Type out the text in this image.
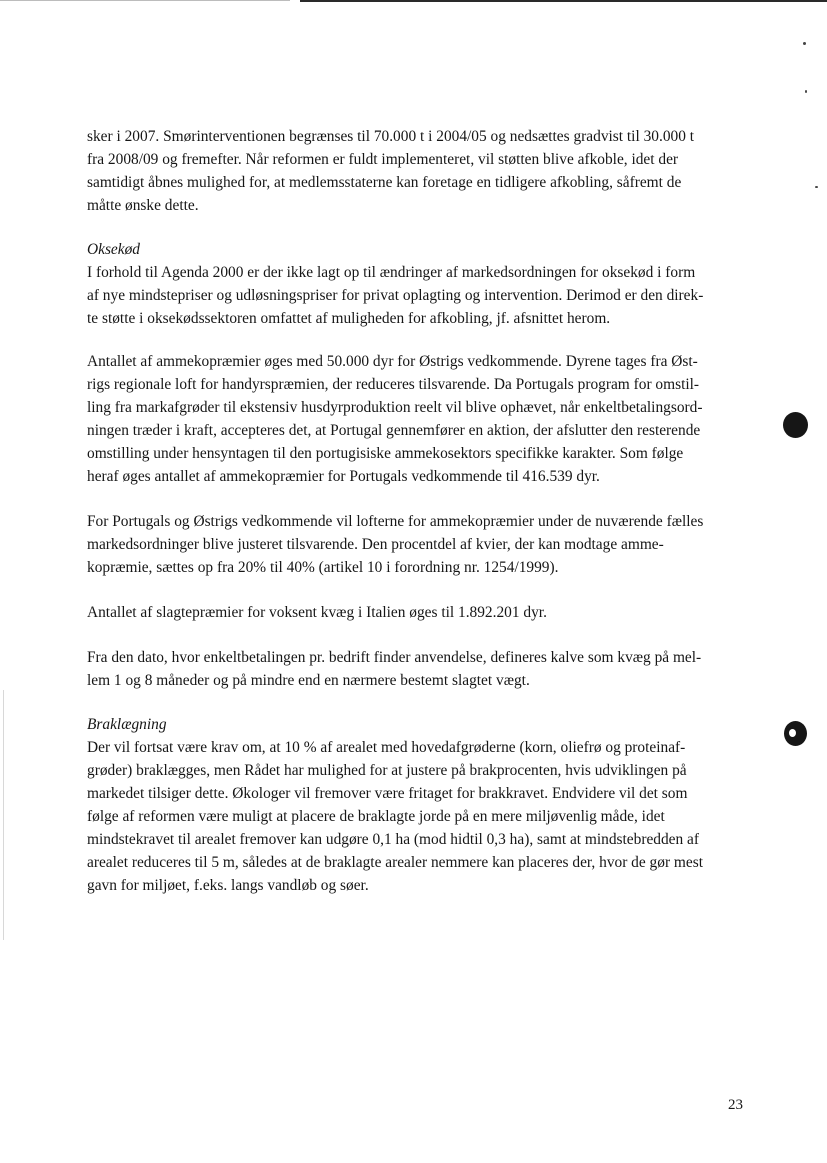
sker i 2007. Smørinterventionen begrænses til 70.000 t i 2004/05 og nedsættes gradvist til 30.000 t

fra 2008/09 og fremefter. Når reformen er fuldt implementeret, vil støtten blive afkoble, idet der

samtidigt åbnes mulighed for, at medlemsstaterne kan foretage en tidligere afkobling, såfremt de

måtte ønske dette.

Oksekød

I forhold til Agenda 2000 er der ikke lagt op til ændringer af markedsordningen for oksekød i form

af nye mindstepriser og udløsningspriser for privat oplagting og intervention. Derimod er den direk-

te støtte i oksekødssektoren omfattet af muligheden for afkobling, jf. afsnittet herom.

Antallet af ammekopræmier øges med 50.000 dyr for Østrigs vedkommende. Dyrene tages fra Øst-

rigs regionale loft for handyrspræmien, der reduceres tilsvarende. Da Portugals program for omstil-

ling fra markafgrøder til ekstensiv husdyrproduktion reelt vil blive ophævet, når enkeltbetalingsord-

ningen træder i kraft, accepteres det, at Portugal gennemfører en aktion, der afslutter den resterende

omstilling under hensyntagen til den portugisiske ammekosektors specifikke karakter. Som følge

heraf øges antallet af ammekopræmier for Portugals vedkommende til 416.539 dyr.

For Portugals og Østrigs vedkommende vil lofterne for ammekopræmier under de nuværende fælles

markedsordninger blive justeret tilsvarende. Den procentdel af kvier, der kan modtage amme-

kopræmie, sættes op fra 20% til 40% (artikel 10 i forordning nr. 1254/1999).

Antallet af slagtepræmier for voksent kvæg i Italien øges til 1.892.201 dyr.

Fra den dato, hvor enkeltbetalingen pr. bedrift finder anvendelse, defineres kalve som kvæg på mel-

lem 1 og 8 måneder og på mindre end en nærmere bestemt slagtet vægt.

Braklægning

Der vil fortsat være krav om, at 10 % af arealet med hovedafgrøderne (korn, oliefrø og proteinaf-

grøder) braklægges, men Rådet har mulighed for at justere på brakprocenten, hvis udviklingen på

markedet tilsiger dette. Økologer vil fremover være fritaget for brakkravet. Endvidere vil det som

følge af reformen være muligt at placere de braklagte jorde på en mere miljøvenlig måde, idet

mindstekravet til arealet fremover kan udgøre 0,1 ha (mod hidtil 0,3 ha), samt at mindstebredden af

arealet reduceres til 5 m, således at de braklagte arealer nemmere kan placeres der, hvor de gør mest

gavn for miljøet, f.eks. langs vandløb og søer.

23
